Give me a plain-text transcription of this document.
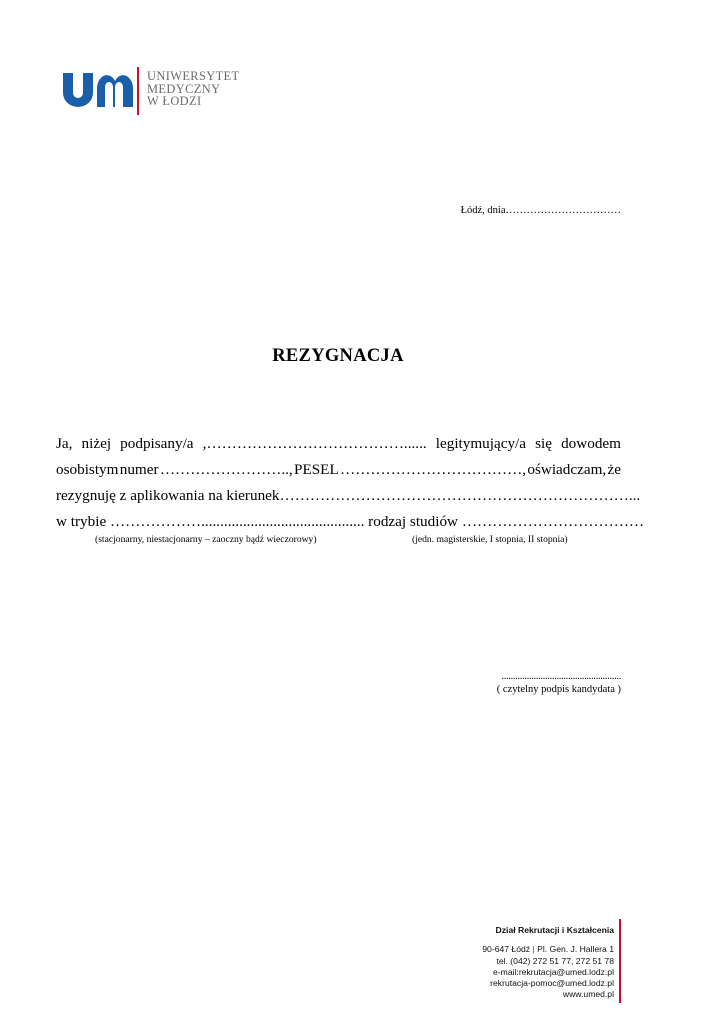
UNIWERSYTET
MEDYCZNY
W ŁODZI
Łódź, dnia……………………………
REZYGNACJA
Ja, niżej podpisany/a ,…………………………………...... legitymujący/a się dowodem
osobistym numer …………………….., PESEL ………………………………, oświadczam, że
rezygnuję z aplikowania na kierunek ……………………………………………………………...
w trybie ………………........................................... rodzaj studiów ………………………………
(stacjonarny, niestacjonarny – zaoczny bądź wieczorowy)	(jedn. magisterskie, I stopnia, II stopnia)
....................................................
( czytelny podpis kandydata )
Dział Rekrutacji i Kształcenia
90-647 Łódź | Pl. Gen. J. Hallera 1
tel. (042) 272 51 77, 272 51 78
e-mail:rekrutacja@umed.lodz.pl
rekrutacja-pomoc@umed.lodz.pl
www.umed.pl
